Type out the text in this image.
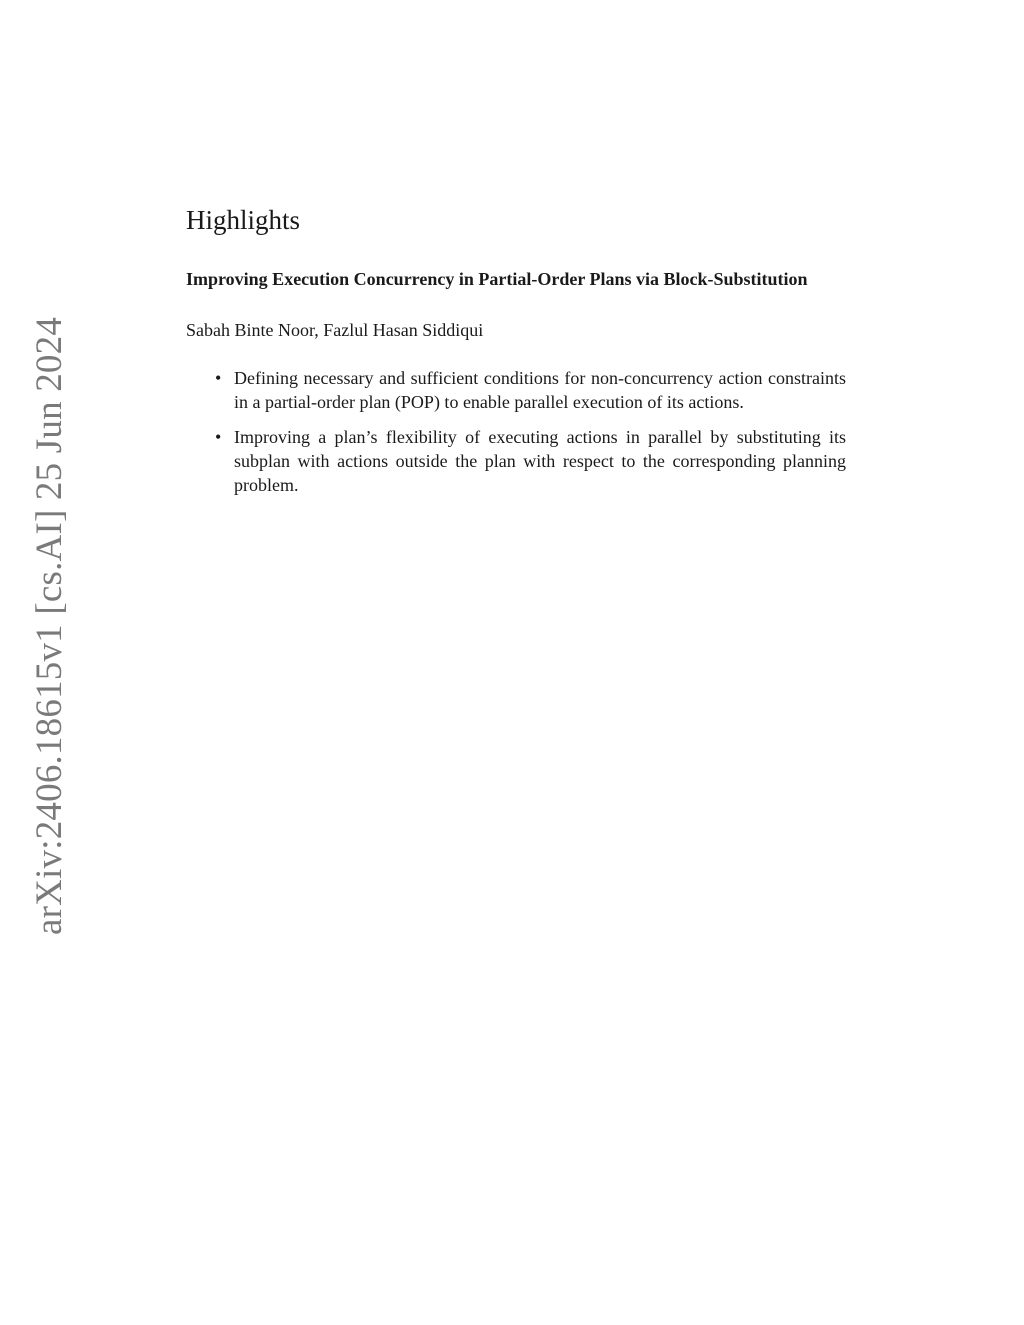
arXiv:2406.18615v1 [cs.AI] 25 Jun 2024
Highlights
Improving Execution Concurrency in Partial-Order Plans via Block-Substitution
Sabah Binte Noor, Fazlul Hasan Siddiqui
• Defining necessary and sufficient conditions for non-concurrency action constraints in a partial-order plan (POP) to enable parallel execution of its actions.
• Improving a plan’s flexibility of executing actions in parallel by substituting its subplan with actions outside the plan with respect to the corresponding planning problem.
